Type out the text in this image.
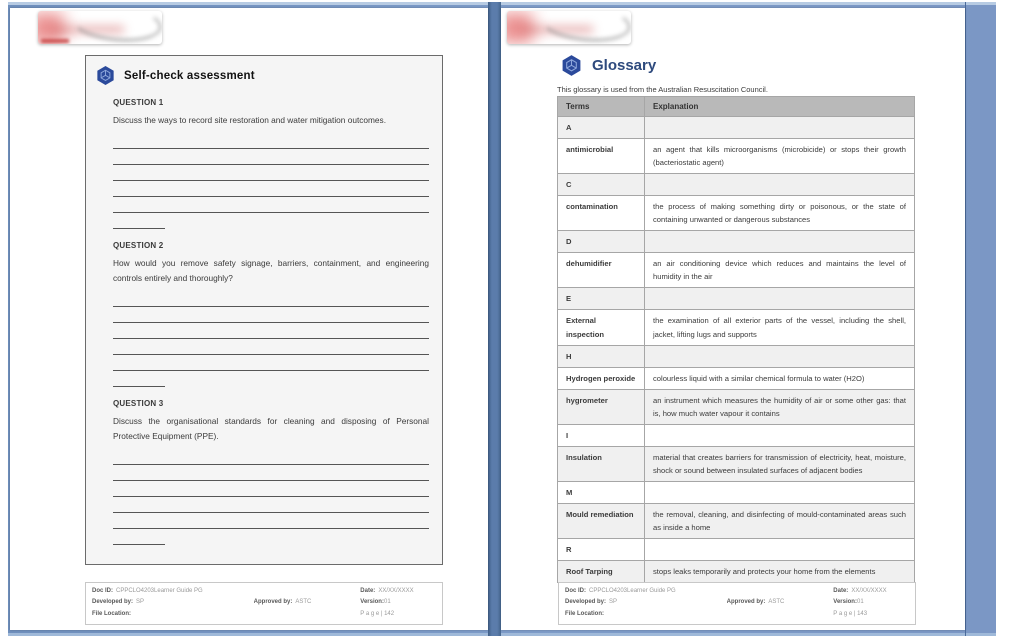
Self-check assessment
QUESTION 1
Discuss the ways to record site restoration and water mitigation outcomes.
QUESTION 2
How would you remove safety signage, barriers, containment, and engineering controls entirely and thoroughly?
QUESTION 3
Discuss the organisational standards for cleaning and disposing of Personal Protective Equipment (PPE).
Doc ID: CPPCLO4203Learner Guide PG	Date: XX/XX/XXXX
Developed by: SP	Approved by: ASTC	Version:01
File Location:	P a g e | 142
Glossary
This glossary is used from the Australian Resuscitation Council.
Terms	Explanation
A	
antimicrobial	an agent that kills microorganisms (microbicide) or stops their growth (bacteriostatic agent)
C	
contamination	the process of making something dirty or poisonous, or the state of containing unwanted or dangerous substances
D	
dehumidifier	an air conditioning device which reduces and maintains the level of humidity in the air
E	
External inspection	the examination of all exterior parts of the vessel, including the shell, jacket, lifting lugs and supports
H	
Hydrogen peroxide	colourless liquid with a similar chemical formula to water (H2O)
hygrometer	an instrument which measures the humidity of air or some other gas: that is, how much water vapour it contains
I	
Insulation	material that creates barriers for transmission of electricity, heat, moisture, shock or sound between insulated surfaces of adjacent bodies
M	
Mould remediation	the removal, cleaning, and disinfecting of mould-contaminated areas such as inside a home
R	
Roof Tarping	stops leaks temporarily and protects your home from the elements
Doc ID: CPPCLO4203Learner Guide PG	Date: XX/XX/XXXX
Developed by: SP	Approved by: ASTC	Version:01
File Location:	P a g e | 143
